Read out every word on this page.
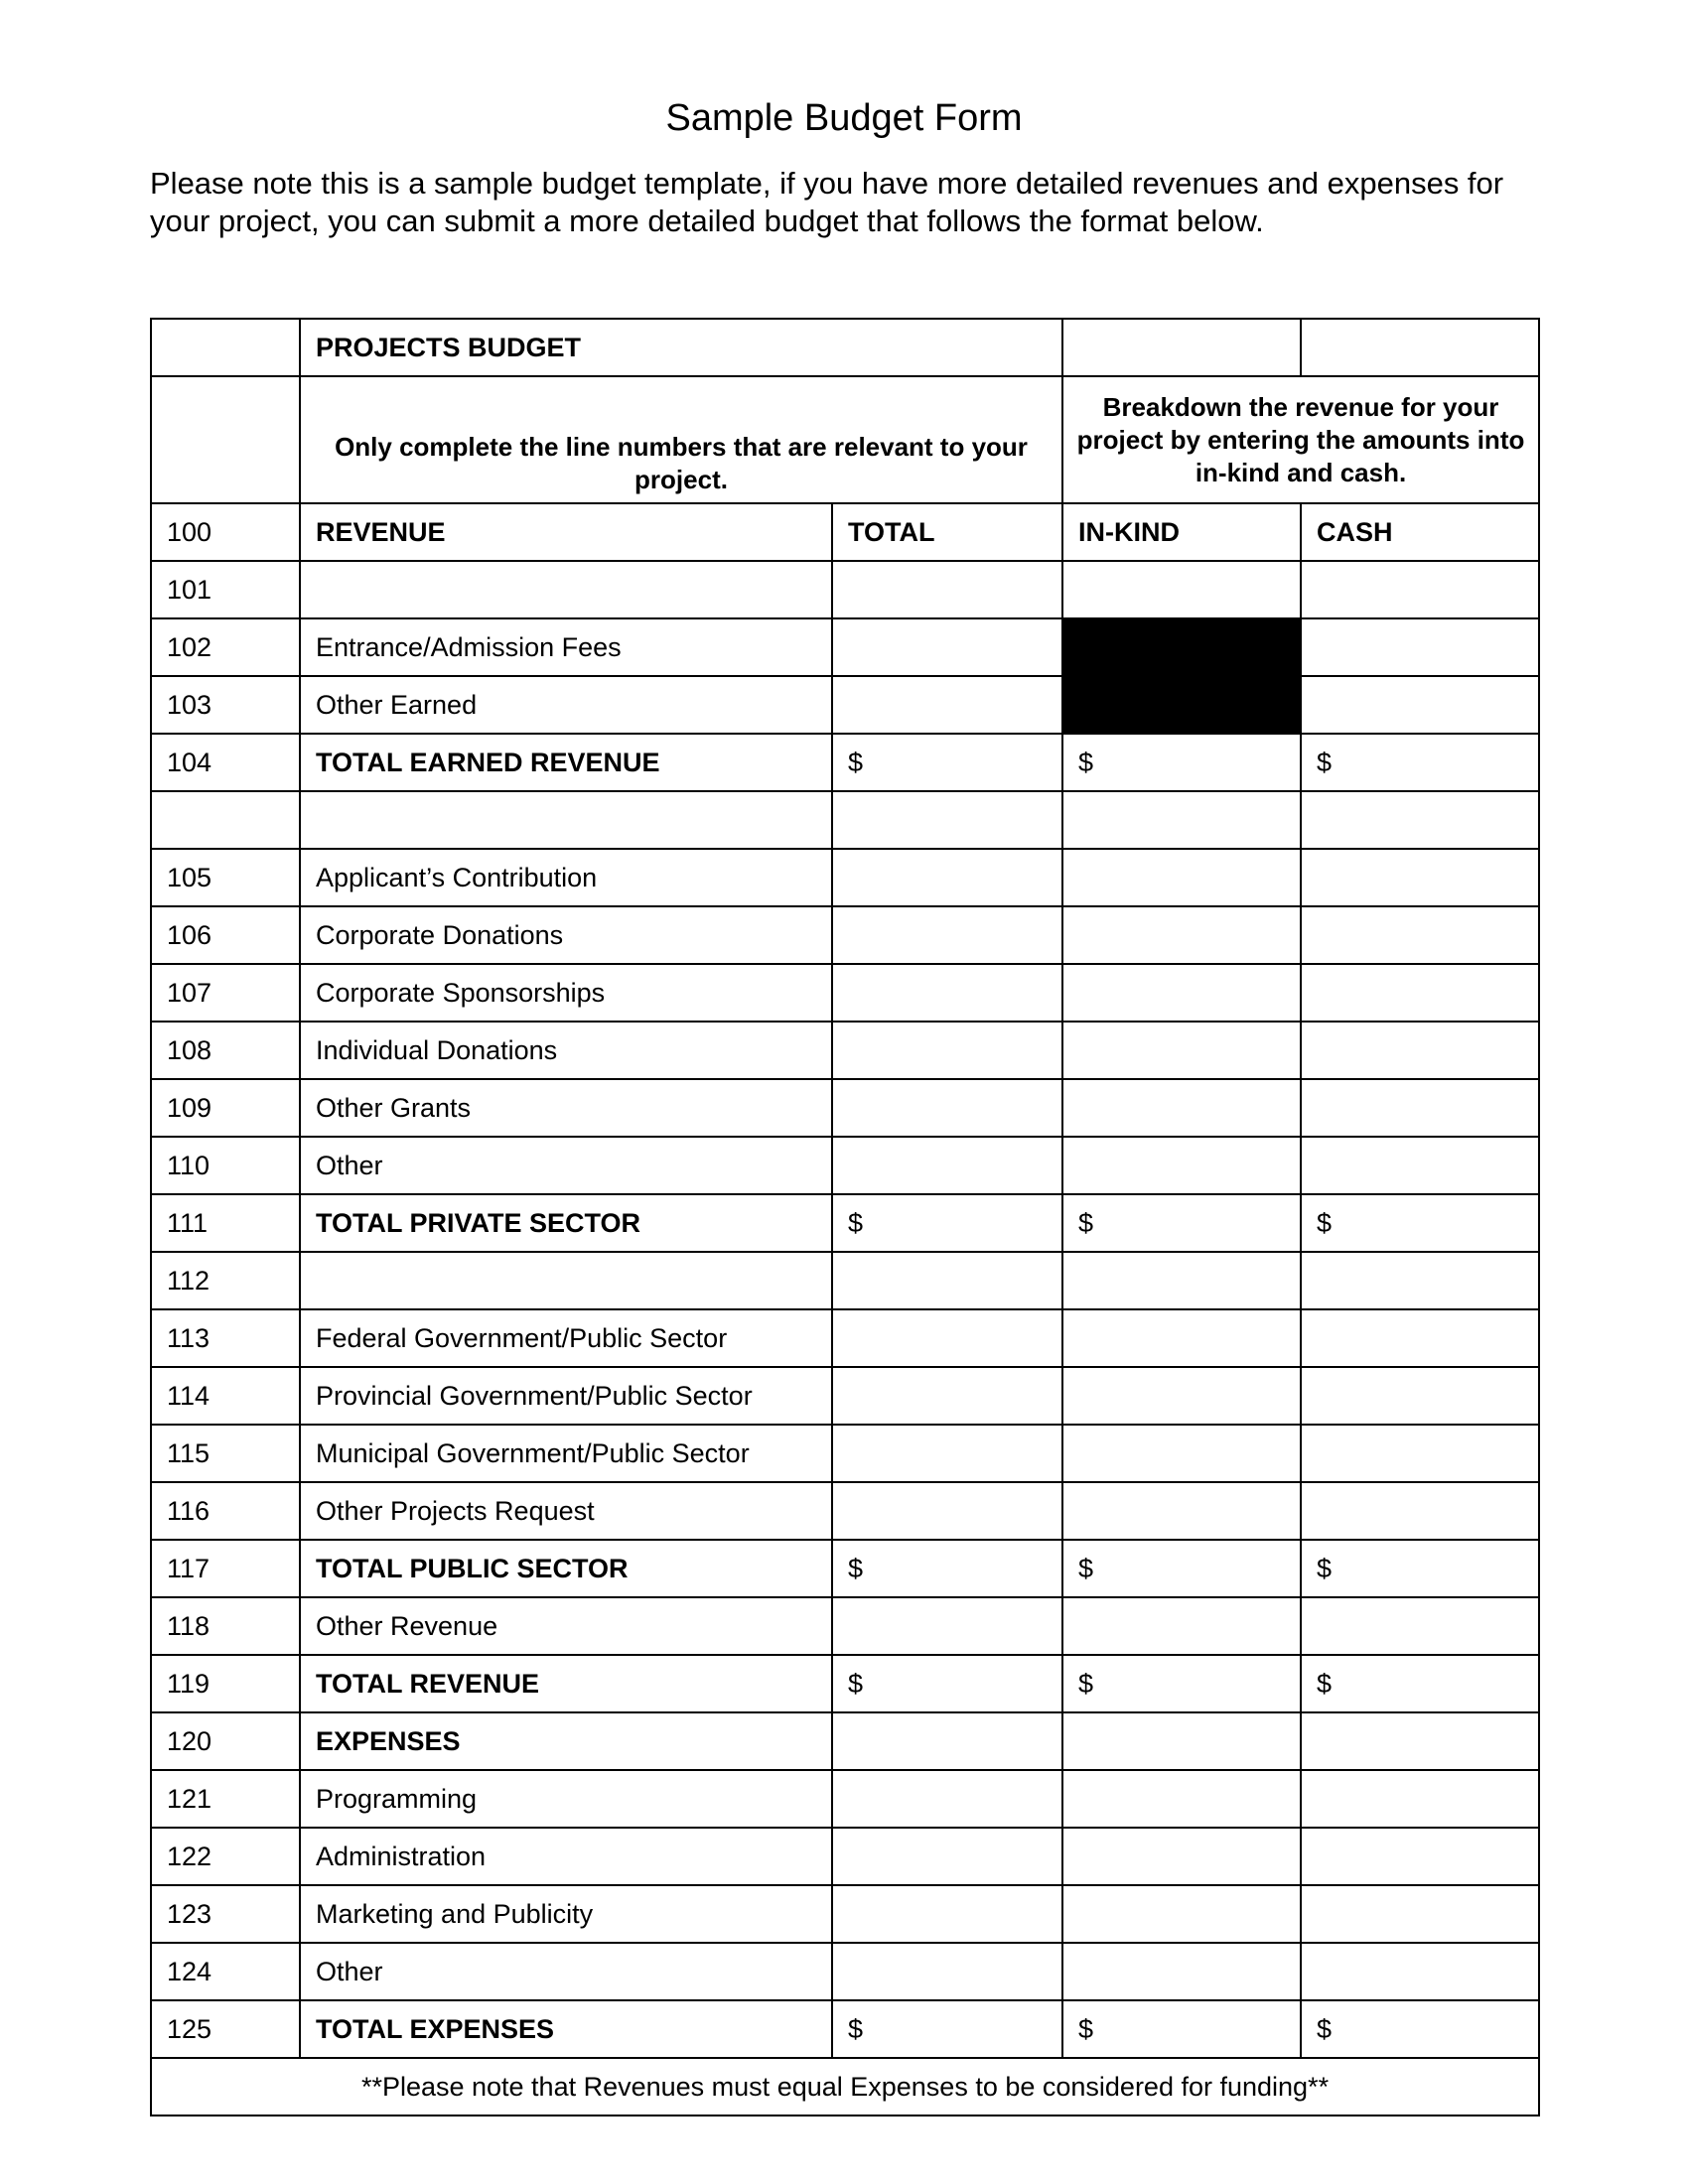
Sample Budget Form

Please note this is a sample budget template, if you have more detailed revenues and expenses for your project, you can submit a more detailed budget that follows the format below.

	PROJECTS BUDGET			
	Only complete the line numbers that are relevant to your project.		Breakdown the revenue for your project by entering the amounts into in-kind and cash.	
100	REVENUE	TOTAL	IN-KIND	CASH
101				
102	Entrance/Admission Fees			
103	Other Earned			
104	TOTAL EARNED REVENUE	$	$	$

105	Applicant’s Contribution			
106	Corporate Donations			
107	Corporate Sponsorships			
108	Individual Donations			
109	Other Grants			
110	Other			
111	TOTAL PRIVATE SECTOR	$	$	$
112				
113	Federal Government/Public Sector			
114	Provincial Government/Public Sector			
115	Municipal Government/Public Sector			
116	Other Projects Request			
117	TOTAL PUBLIC SECTOR	$	$	$
118	Other Revenue			
119	TOTAL REVENUE	$	$	$
120	EXPENSES			
121	Programming			
122	Administration			
123	Marketing and Publicity			
124	Other			
125	TOTAL EXPENSES	$	$	$
**Please note that Revenues must equal Expenses to be considered for funding**				
